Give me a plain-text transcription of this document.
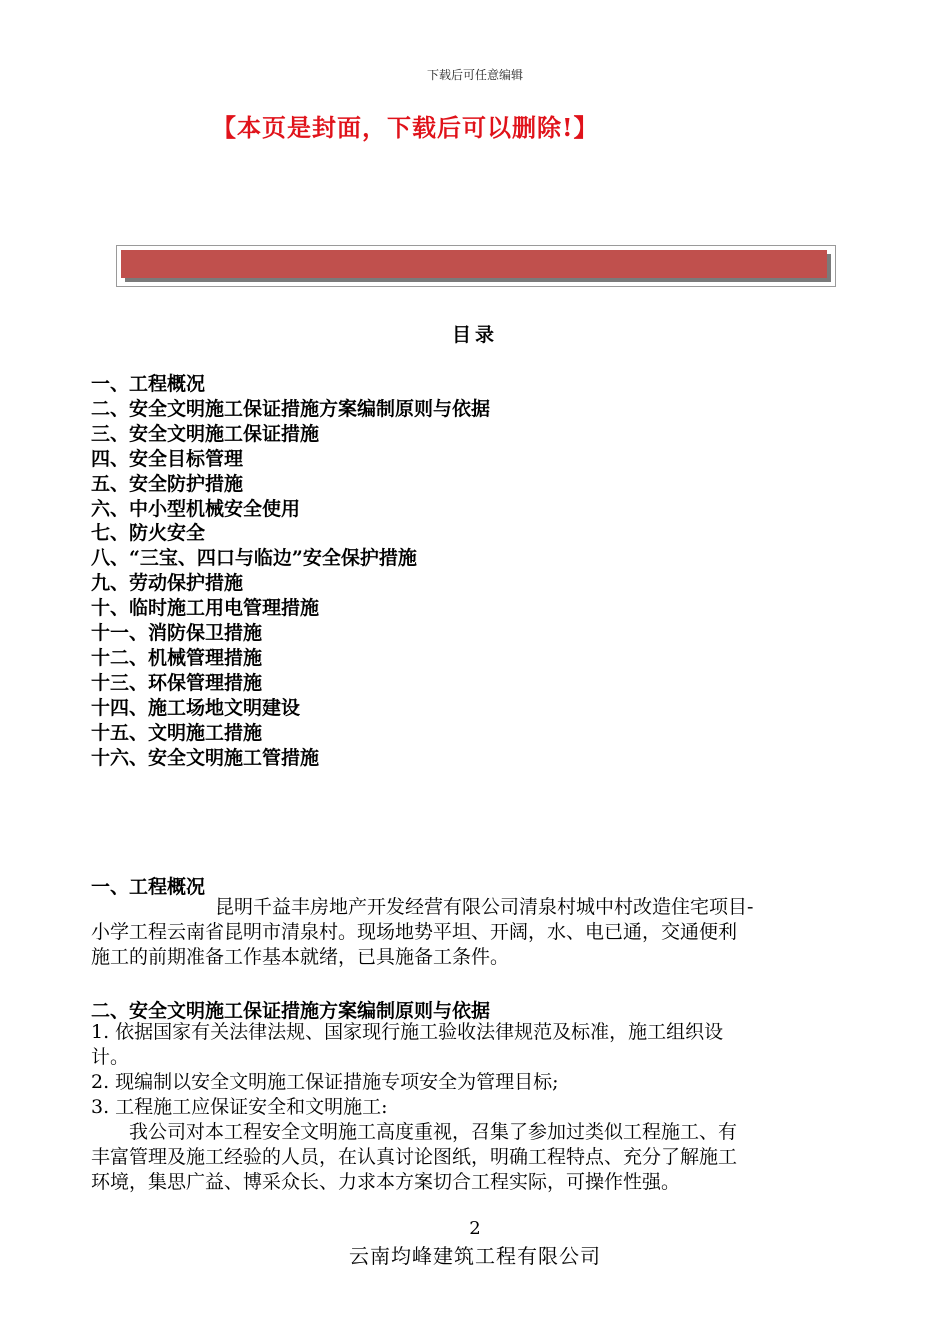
下载后可任意编辑
【本页是封面，下载后可以删除!】
目录
一、工程概况
二、安全文明施工保证措施方案编制原则与依据
三、安全文明施工保证措施
四、安全目标管理
五、安全防护措施
六、中小型机械安全使用
七、防火安全
八、“三宝、四口与临边”安全保护措施
九、劳动保护措施
十、临时施工用电管理措施
十一、消防保卫措施
十二、机械管理措施
十三、环保管理措施
十四、施工场地文明建设
十五、文明施工措施
十六、安全文明施工管措施
一、工程概况
昆明千益丰房地产开发经营有限公司清泉村城中村改造住宅项目-
小学工程云南省昆明市清泉村。现场地势平坦、开阔，水、电已通，交通便利
施工的前期准备工作基本就绪，已具施备工条件。
二、安全文明施工保证措施方案编制原则与依据
1. 依据国家有关法律法规、国家现行施工验收法律规范及标准，施工组织设
计。
2. 现编制以安全文明施工保证措施专项安全为管理目标;
3. 工程施工应保证安全和文明施工:
我公司对本工程安全文明施工高度重视，召集了参加过类似工程施工、有
丰富管理及施工经验的人员，在认真讨论图纸，明确工程特点、充分了解施工
环境，集思广益、博采众长、力求本方案切合工程实际，可操作性强。
2
云南均峰建筑工程有限公司
